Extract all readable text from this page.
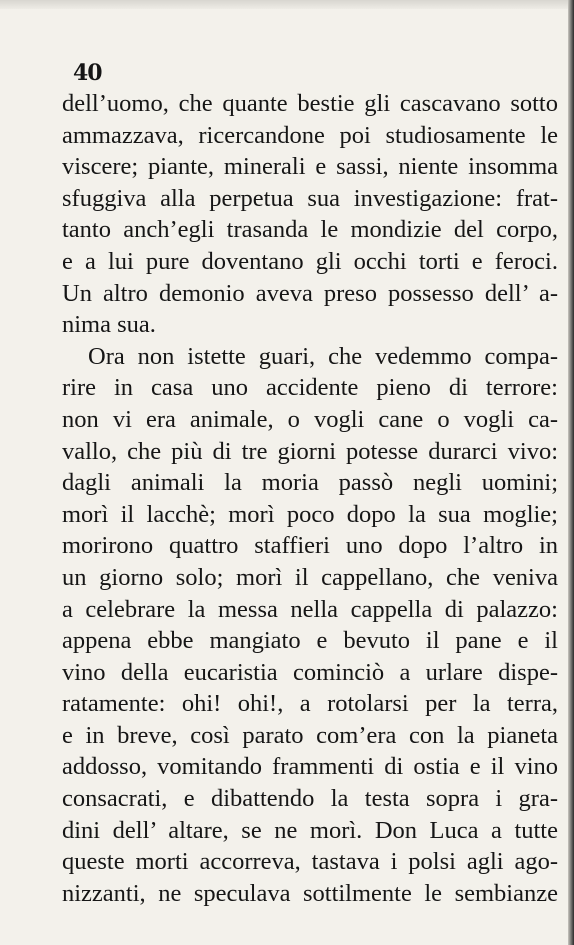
40
dell’uomo, che quante bestie gli cascavano sotto
ammazzava, ricercandone poi studiosamente le
viscere; piante, minerali e sassi, niente insomma
sfuggiva alla perpetua sua investigazione: frat-
tanto anch’egli trasanda le mondizie del corpo,
e a lui pure doventano gli occhi torti e feroci.
Un altro demonio aveva preso possesso dell’ a-
nima sua.
Ora non istette guari, che vedemmo compa-
rire in casa uno accidente pieno di terrore:
non vi era animale, o vogli cane o vogli ca-
vallo, che più di tre giorni potesse durarci vivo:
dagli animali la moria passò negli uomini;
morì il lacchè; morì poco dopo la sua moglie;
morirono quattro staffieri uno dopo l’altro in
un giorno solo; morì il cappellano, che veniva
a celebrare la messa nella cappella di palazzo:
appena ebbe mangiato e bevuto il pane e il
vino della eucaristia cominciò a urlare dispe-
ratamente: ohi! ohi!, a rotolarsi per la terra,
e in breve, così parato com’era con la pianeta
addosso, vomitando frammenti di ostia e il vino
consacrati, e dibattendo la testa sopra i gra-
dini dell’ altare, se ne morì. Don Luca a tutte
queste morti accorreva, tastava i polsi agli ago-
nizzanti, ne speculava sottilmente le sembianze
